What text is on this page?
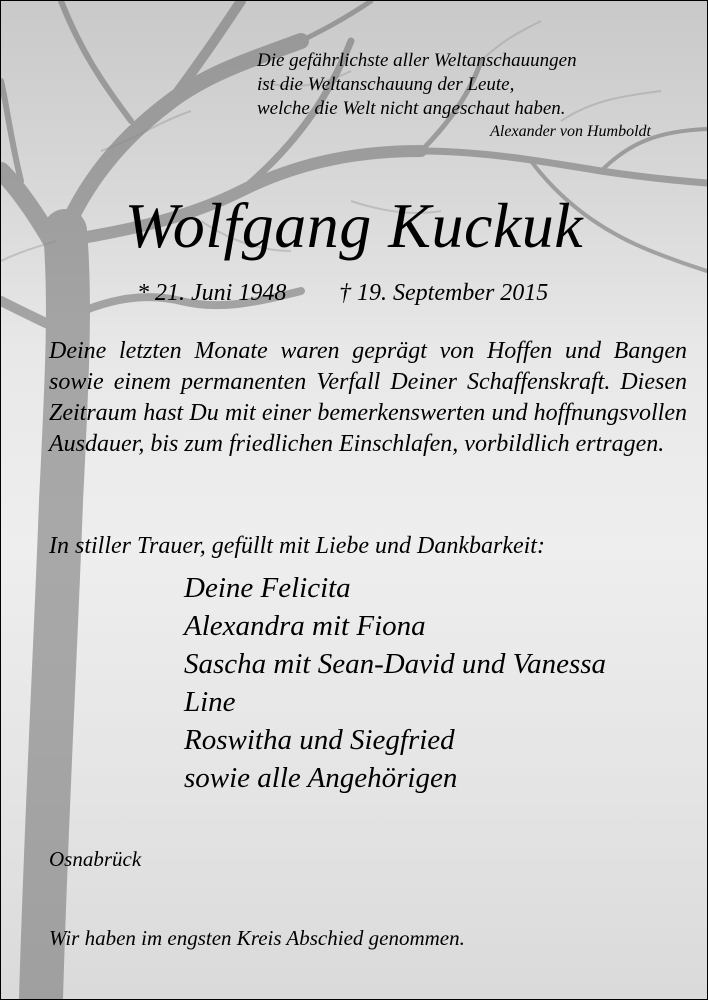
Die gefährlichste aller Weltanschauungen
ist die Weltanschauung der Leute,
welche die Welt nicht angeschaut haben.
Alexander von Humboldt
Wolfgang Kuckuk
* 21. Juni 1948 † 19. September 2015
Deine letzten Monate waren geprägt von Hoffen und Bangen sowie einem permanenten Verfall Deiner Schaffenskraft. Diesen Zeitraum hast Du mit einer bemerkenswerten und hoffnungsvollen Ausdauer, bis zum friedlichen Einschlafen, vorbildlich ertragen.
In stiller Trauer, gefüllt mit Liebe und Dankbarkeit:
Deine Felicita
Alexandra mit Fiona
Sascha mit Sean-David und Vanessa
Line
Roswitha und Siegfried
sowie alle Angehörigen
Osnabrück
Wir haben im engsten Kreis Abschied genommen.
